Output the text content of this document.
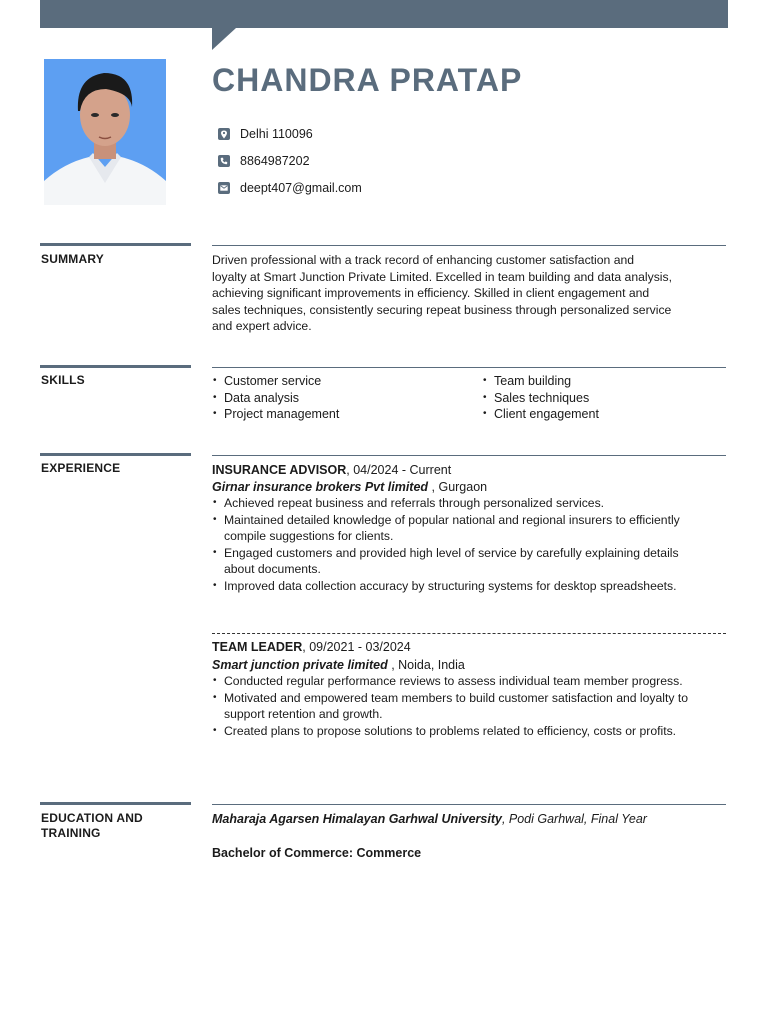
CHANDRA PRATAP
Delhi 110096
8864987202
deept407@gmail.com
SUMMARY	Driven professional with a track record of enhancing customer satisfaction and
loyalty at Smart Junction Private Limited. Excelled in team building and data analysis,
achieving significant improvements in efficiency. Skilled in client engagement and
sales techniques, consistently securing repeat business through personalized service
and expert advice.
SKILLS
•	Customer service
• Data analysis
• Project management
• Team building
• Sales techniques
• Client engagement
EXPERIENCE	INSURANCE ADVISOR, 04/2024 - Current
Girnar insurance brokers Pvt limited , Gurgaon
• Achieved repeat business and referrals through personalized services.
• Maintained detailed knowledge of popular national and regional insurers to efficiently compile suggestions for clients.
• Engaged customers and provided high level of service by carefully explaining details about documents.
• Improved data collection accuracy by structuring systems for desktop spreadsheets.
TEAM LEADER, 09/2021 - 03/2024
Smart junction private limited , Noida, India
• Conducted regular performance reviews to assess individual team member progress.
• Motivated and empowered team members to build customer satisfaction and loyalty to support retention and growth.
• Created plans to propose solutions to problems related to efficiency, costs or profits.
EDUCATION AND
TRAINING
Maharaja Agarsen Himalayan Garhwal University, Podi Garhwal, Final Year
Bachelor of Commerce: Commerce
